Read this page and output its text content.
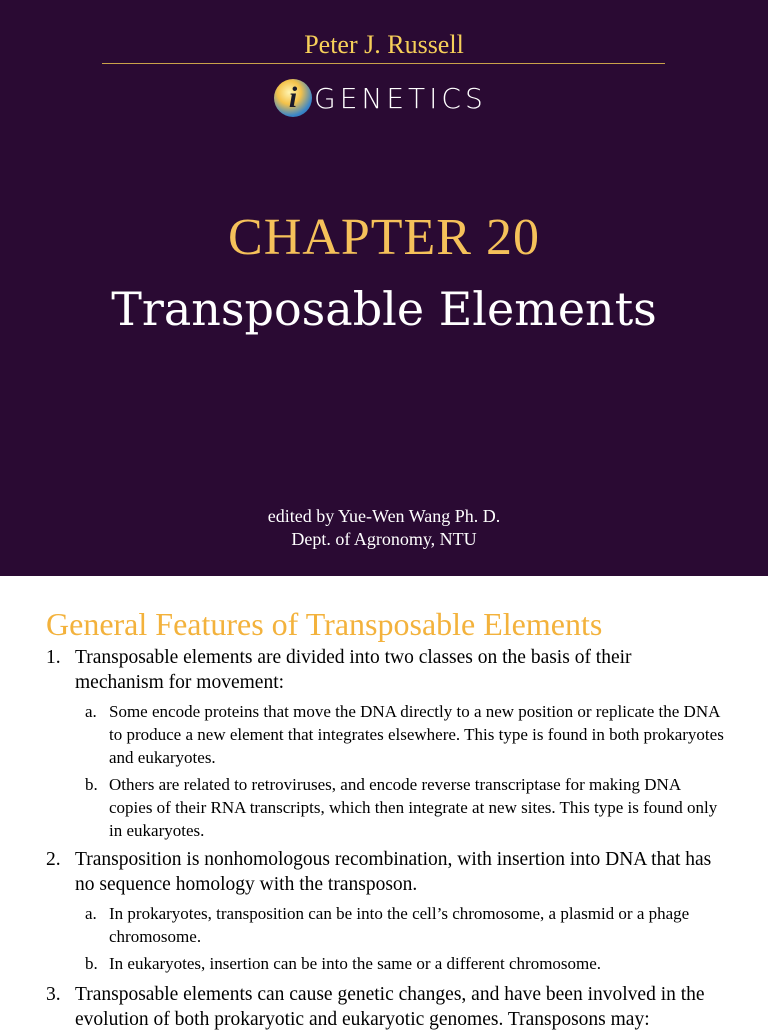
Peter J. Russell
i GENETICS
CHAPTER 20
Transposable Elements
edited by Yue-Wen Wang Ph. D.
Dept. of Agronomy, NTU
General Features of Transposable Elements
1. Transposable elements are divided into two classes on the basis of their mechanism for movement:
a. Some encode proteins that move the DNA directly to a new position or replicate the DNA to produce a new element that integrates elsewhere. This type is found in both prokaryotes and eukaryotes.
b. Others are related to retroviruses, and encode reverse transcriptase for making DNA copies of their RNA transcripts, which then integrate at new sites. This type is found only in eukaryotes.
2. Transposition is nonhomologous recombination, with insertion into DNA that has no sequence homology with the transposon.
a. In prokaryotes, transposition can be into the cell’s chromosome, a plasmid or a phage chromosome.
b. In eukaryotes, insertion can be into the same or a different chromosome.
3. Transposable elements can cause genetic changes, and have been involved in the evolution of both prokaryotic and eukaryotic genomes. Transposons may:
